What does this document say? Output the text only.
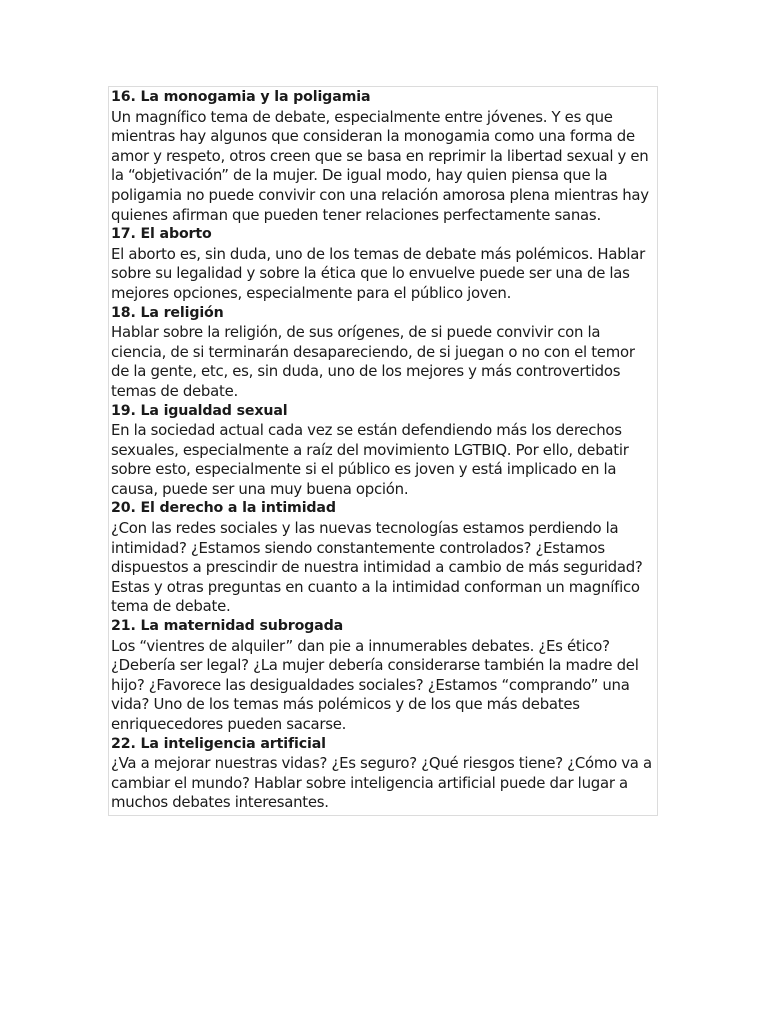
16. La monogamia y la poligamia

Un magnífico tema de debate, especialmente entre jóvenes. Y es que mientras hay algunos que consideran la monogamia como una forma de amor y respeto, otros creen que se basa en reprimir la libertad sexual y en la “objetivación” de la mujer. De igual modo, hay quien piensa que la poligamia no puede convivir con una relación amorosa plena mientras hay quienes afirman que pueden tener relaciones perfectamente sanas.

17. El aborto

El aborto es, sin duda, uno de los temas de debate más polémicos. Hablar sobre su legalidad y sobre la ética que lo envuelve puede ser una de las mejores opciones, especialmente para el público joven.

18. La religión

Hablar sobre la religión, de sus orígenes, de si puede convivir con la ciencia, de si terminarán desapareciendo, de si juegan o no con el temor de la gente, etc, es, sin duda, uno de los mejores y más controvertidos temas de debate.

19. La igualdad sexual

En la sociedad actual cada vez se están defendiendo más los derechos sexuales, especialmente a raíz del movimiento LGTBIQ. Por ello, debatir sobre esto, especialmente si el público es joven y está implicado en la causa, puede ser una muy buena opción.

20. El derecho a la intimidad

¿Con las redes sociales y las nuevas tecnologías estamos perdiendo la intimidad? ¿Estamos siendo constantemente controlados? ¿Estamos dispuestos a prescindir de nuestra intimidad a cambio de más seguridad? Estas y otras preguntas en cuanto a la intimidad conforman un magnífico tema de debate.

21. La maternidad subrogada

Los “vientres de alquiler” dan pie a innumerables debates. ¿Es ético? ¿Debería ser legal? ¿La mujer debería considerarse también la madre del hijo? ¿Favorece las desigualdades sociales? ¿Estamos “comprando” una vida? Uno de los temas más polémicos y de los que más debates enriquecedores pueden sacarse.

22. La inteligencia artificial

¿Va a mejorar nuestras vidas? ¿Es seguro? ¿Qué riesgos tiene? ¿Cómo va a cambiar el mundo? Hablar sobre inteligencia artificial puede dar lugar a muchos debates interesantes.
